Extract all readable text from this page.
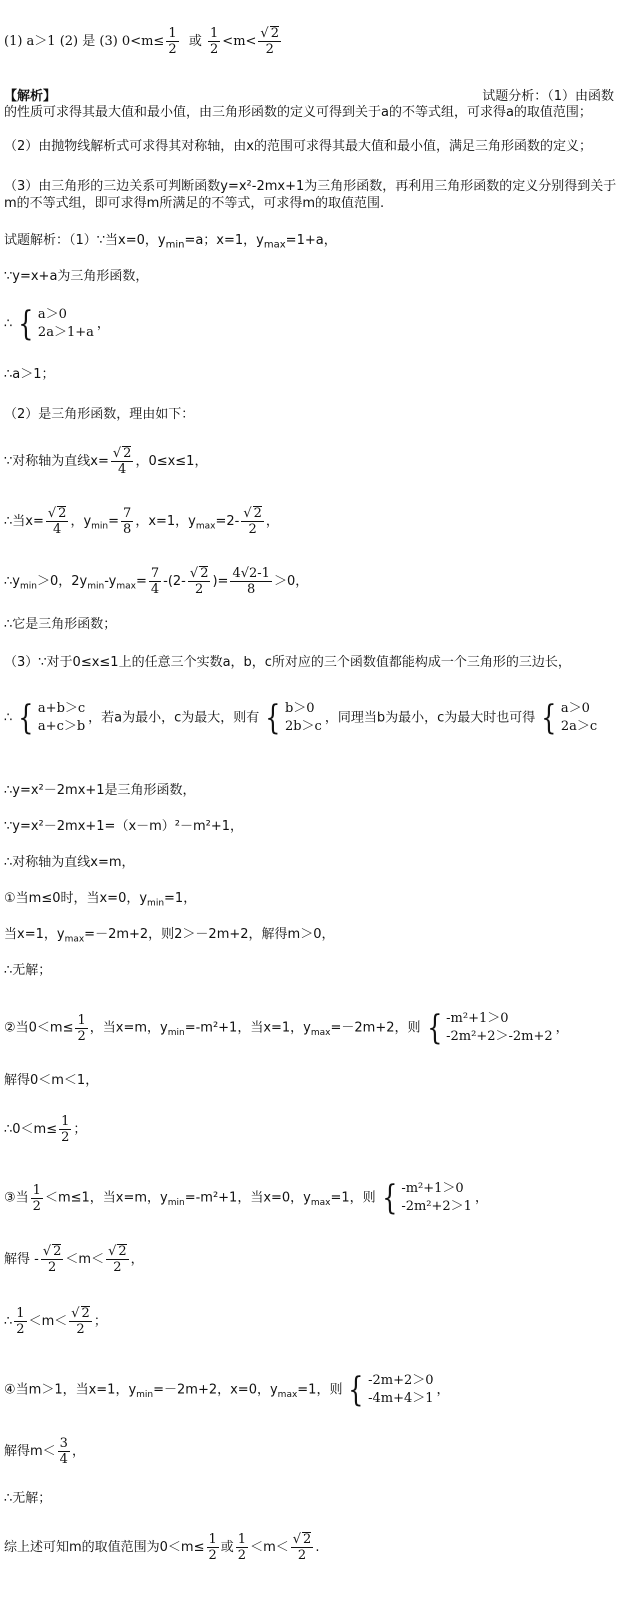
(1) a＞1 (2) 是 (3) $0<m\le \frac{1}{2}$ 或 $\frac{1}{2} <m< \frac{√ 2}{2}$
【解析】	试题分析：（1）由函数
的性质可求得其最大值和最小值，由三角形函数的定义可得到关于a的不等式组，可求得a的取值范围；
（2）由抛物线解析式可求得其对称轴，由x的范围可求得其最大值和最小值，满足三角形函数的定义；
（3）由三角形的三边关系可判断函数y=x²-2mx+1为三角形函数，再利用三角形函数的定义分别得到关于m的不等式组，即可求得m所满足的不等式，可求得m的取值范围.
试题解析：（1）∵当x=0，$y_{min}=a$；x=1，$y_{max}=1+a$，
∵y=x+a为三角形函数，
∴ { a＞0
2a＞1+a
，
∴a＞1；
（2）是三角形函数，理由如下：
∵对称轴为直线$x= \frac{√ 2}{4}$ ，0≤x≤1，
∴当$x= \frac{√ 2}{4}$ ，$y_{min}= \frac{7}{8}$ ，x=1，$y_{max}=2- \frac{√ 2}{2}$ ，
$\therefore y_{min}>0$，$2y_{min}-y_{max}= \frac{7}{4} -(2- \frac{√ 2}{2}$ )= $\frac{4√2-1}{8} >0$，
∴它是三角形函数；
（3）∵对于0≤x≤1上的任意三个实数a，b，c所对应的三个函数值都能构成一个三角形的三边长，
∴ { a+b＞c
a+c＞b
，若a为最小，c为最大，则有 { b＞0
2b＞c
，同理当b为最小，c为最大时也可得 { a＞0
2a＞c
∴y=x²－2mx+1是三角形函数，
∵y=x²－2mx+1=（x－m）²－m²+1，
∴对称轴为直线x=m，
①当m≤0时，当x=0，$y_{min}=1$，
当x=1，$y_{max}=-2m+2$，则2＞－2m+2，解得m＞0，
∴无解；
②当$0<m\le \frac{1}{2}$ ，当x=m，$y_{min}=-m^2+1$，当x=1，$y_{max}=-2m+2$，则 { -m²+1＞0
-2m²+2＞-2m+2
，
解得0＜m＜1，
∴0＜m≤ $\frac{1}{2}$ ；
③当 $\frac{1}{2} <m\le 1$，当x=m，$y_{min}=-m^2+1$，当x=0，$y_{max}=1$，则 { -m²+1＞0
-2m²+2＞1
，
解得 - $\frac{√ 2}{2} <m< \frac{√ 2}{2}$ ，
∴ $\frac{1}{2} <m< \frac{√ 2}{2}$ ；
④当m＞1，当x=1，$y_{min}=-2m+2$，x=0，$y_{max}=1$，则 { -2m+2＞0
-4m+4＞1
，
解得$m< \frac{3}{4}$ ，
∴无解；
综上述可知m的取值范围为$0<m\le \frac{1}{2}$ 或 $\frac{1}{2} <m< \frac{√ 2}{2}$ .
